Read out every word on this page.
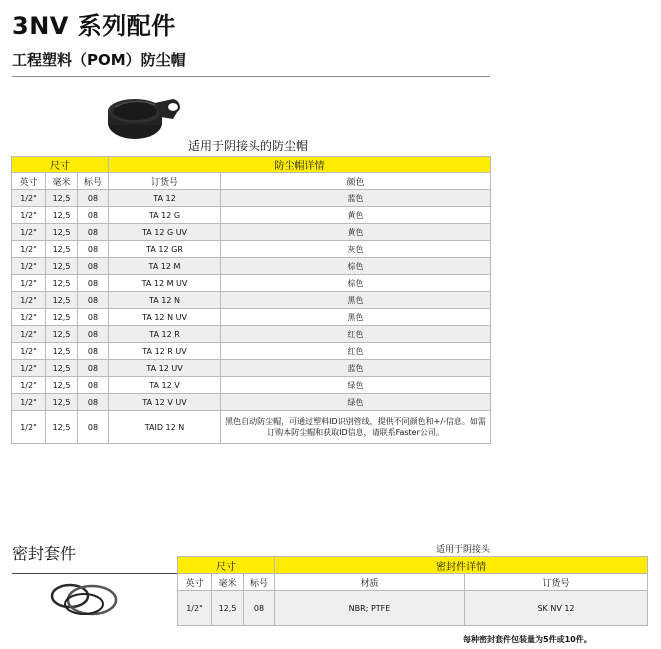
3NV 系列配件
工程塑料（POM）防尘帽
适用于阴接头的防尘帽
尺寸			防尘帽详情	
英寸	毫米	标号	订货号	颜色
1/2"	12,5	08	TA 12	蓝色
1/2"	12,5	08	TA 12 G	黄色
1/2"	12,5	08	TA 12 G UV	黄色
1/2"	12,5	08	TA 12 GR	灰色
1/2"	12,5	08	TA 12 M	棕色
1/2"	12,5	08	TA 12 M UV	棕色
1/2"	12,5	08	TA 12 N	黑色
1/2"	12,5	08	TA 12 N UV	黑色
1/2"	12,5	08	TA 12 R	红色
1/2"	12,5	08	TA 12 R UV	红色
1/2"	12,5	08	TA 12 UV	蓝色
1/2"	12,5	08	TA 12 V	绿色
1/2"	12,5	08	TA 12 V UV	绿色
1/2"	12,5	08	TAID 12 N	黑色自动防尘帽，可通过塑料ID识别管线，提供不同颜色和+/-信息。如需订购本防尘帽和获取ID信息，请联系Faster公司。
密封套件	适用于阴接头
尺寸			密封件详情	
英寸	毫米	标号	材质	订货号
1/2"	12,5	08	NBR; PTFE	SK NV 12
每种密封套件包装量为5件或10件。
